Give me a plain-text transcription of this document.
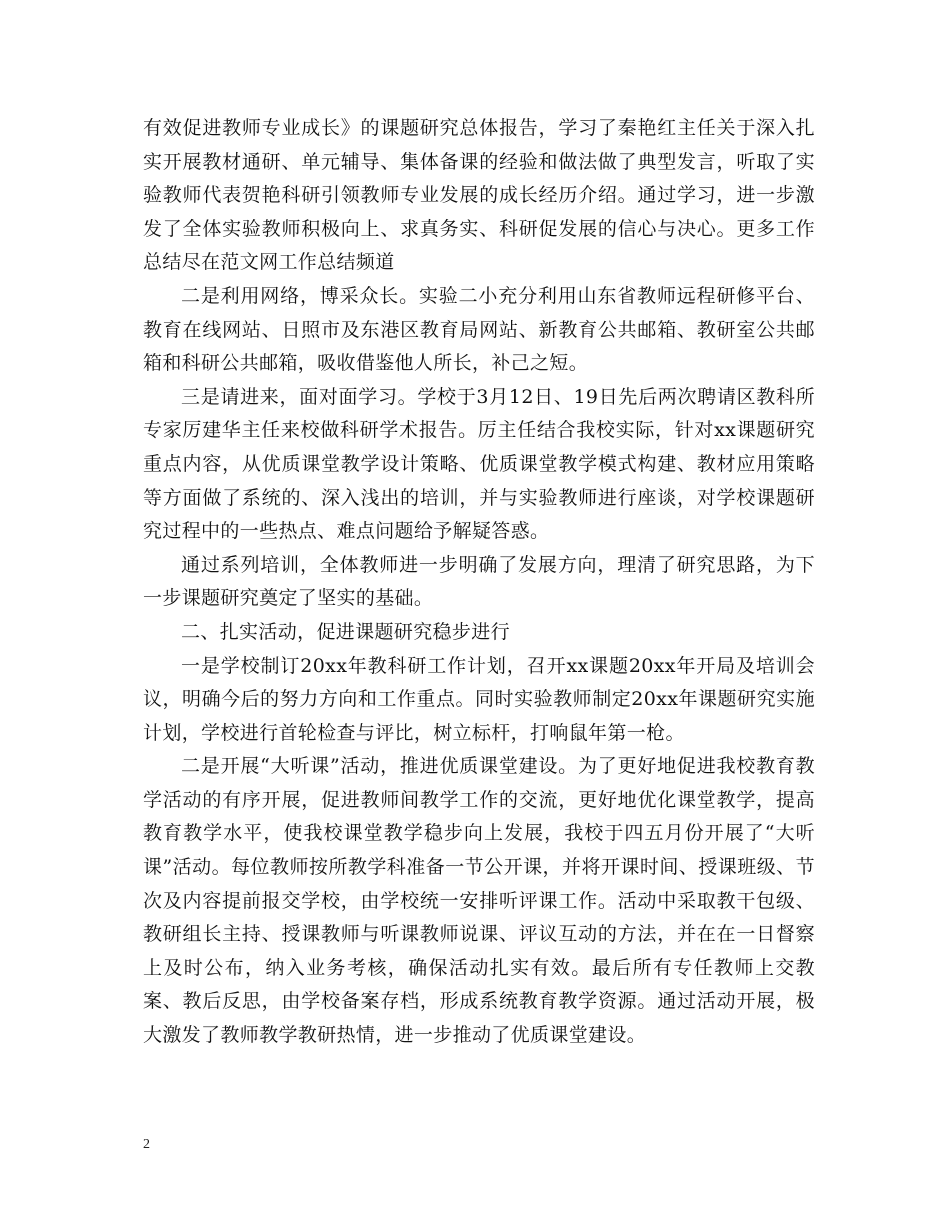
有效促进教师专业成长》的课题研究总体报告，学习了秦艳红主任关于深入扎实开展教材通研、单元辅导、集体备课的经验和做法做了典型发言，听取了实验教师代表贺艳科研引领教师专业发展的成长经历介绍。通过学习，进一步激发了全体实验教师积极向上、求真务实、科研促发展的信心与决心。更多工作总结尽在范文网工作总结频道

二是利用网络，博采众长。实验二小充分利用山东省教师远程研修平台、教育在线网站、日照市及东港区教育局网站、新教育公共邮箱、教研室公共邮箱和科研公共邮箱，吸收借鉴他人所长，补己之短。

三是请进来，面对面学习。学校于3月12日、19日先后两次聘请区教科所专家厉建华主任来校做科研学术报告。厉主任结合我校实际，针对xx课题研究重点内容，从优质课堂教学设计策略、优质课堂教学模式构建、教材应用策略等方面做了系统的、深入浅出的培训，并与实验教师进行座谈，对学校课题研究过程中的一些热点、难点问题给予解疑答惑。

通过系列培训，全体教师进一步明确了发展方向，理清了研究思路，为下一步课题研究奠定了坚实的基础。

二、扎实活动，促进课题研究稳步进行

一是学校制订20xx年教科研工作计划，召开xx课题20xx年开局及培训会议，明确今后的努力方向和工作重点。同时实验教师制定20xx年课题研究实施计划，学校进行首轮检查与评比，树立标杆，打响鼠年第一枪。

二是开展“大听课”活动，推进优质课堂建设。为了更好地促进我校教育教学活动的有序开展，促进教师间教学工作的交流，更好地优化课堂教学，提高教育教学水平，使我校课堂教学稳步向上发展，我校于四五月份开展了“大听课”活动。每位教师按所教学科准备一节公开课，并将开课时间、授课班级、节次及内容提前报交学校，由学校统一安排听评课工作。活动中采取教干包级、教研组长主持、授课教师与听课教师说课、评议互动的方法，并在在一日督察上及时公布，纳入业务考核，确保活动扎实有效。最后所有专任教师上交教案、教后反思，由学校备案存档，形成系统教育教学资源。通过活动开展，极大激发了教师教学教研热情，进一步推动了优质课堂建设。

2
